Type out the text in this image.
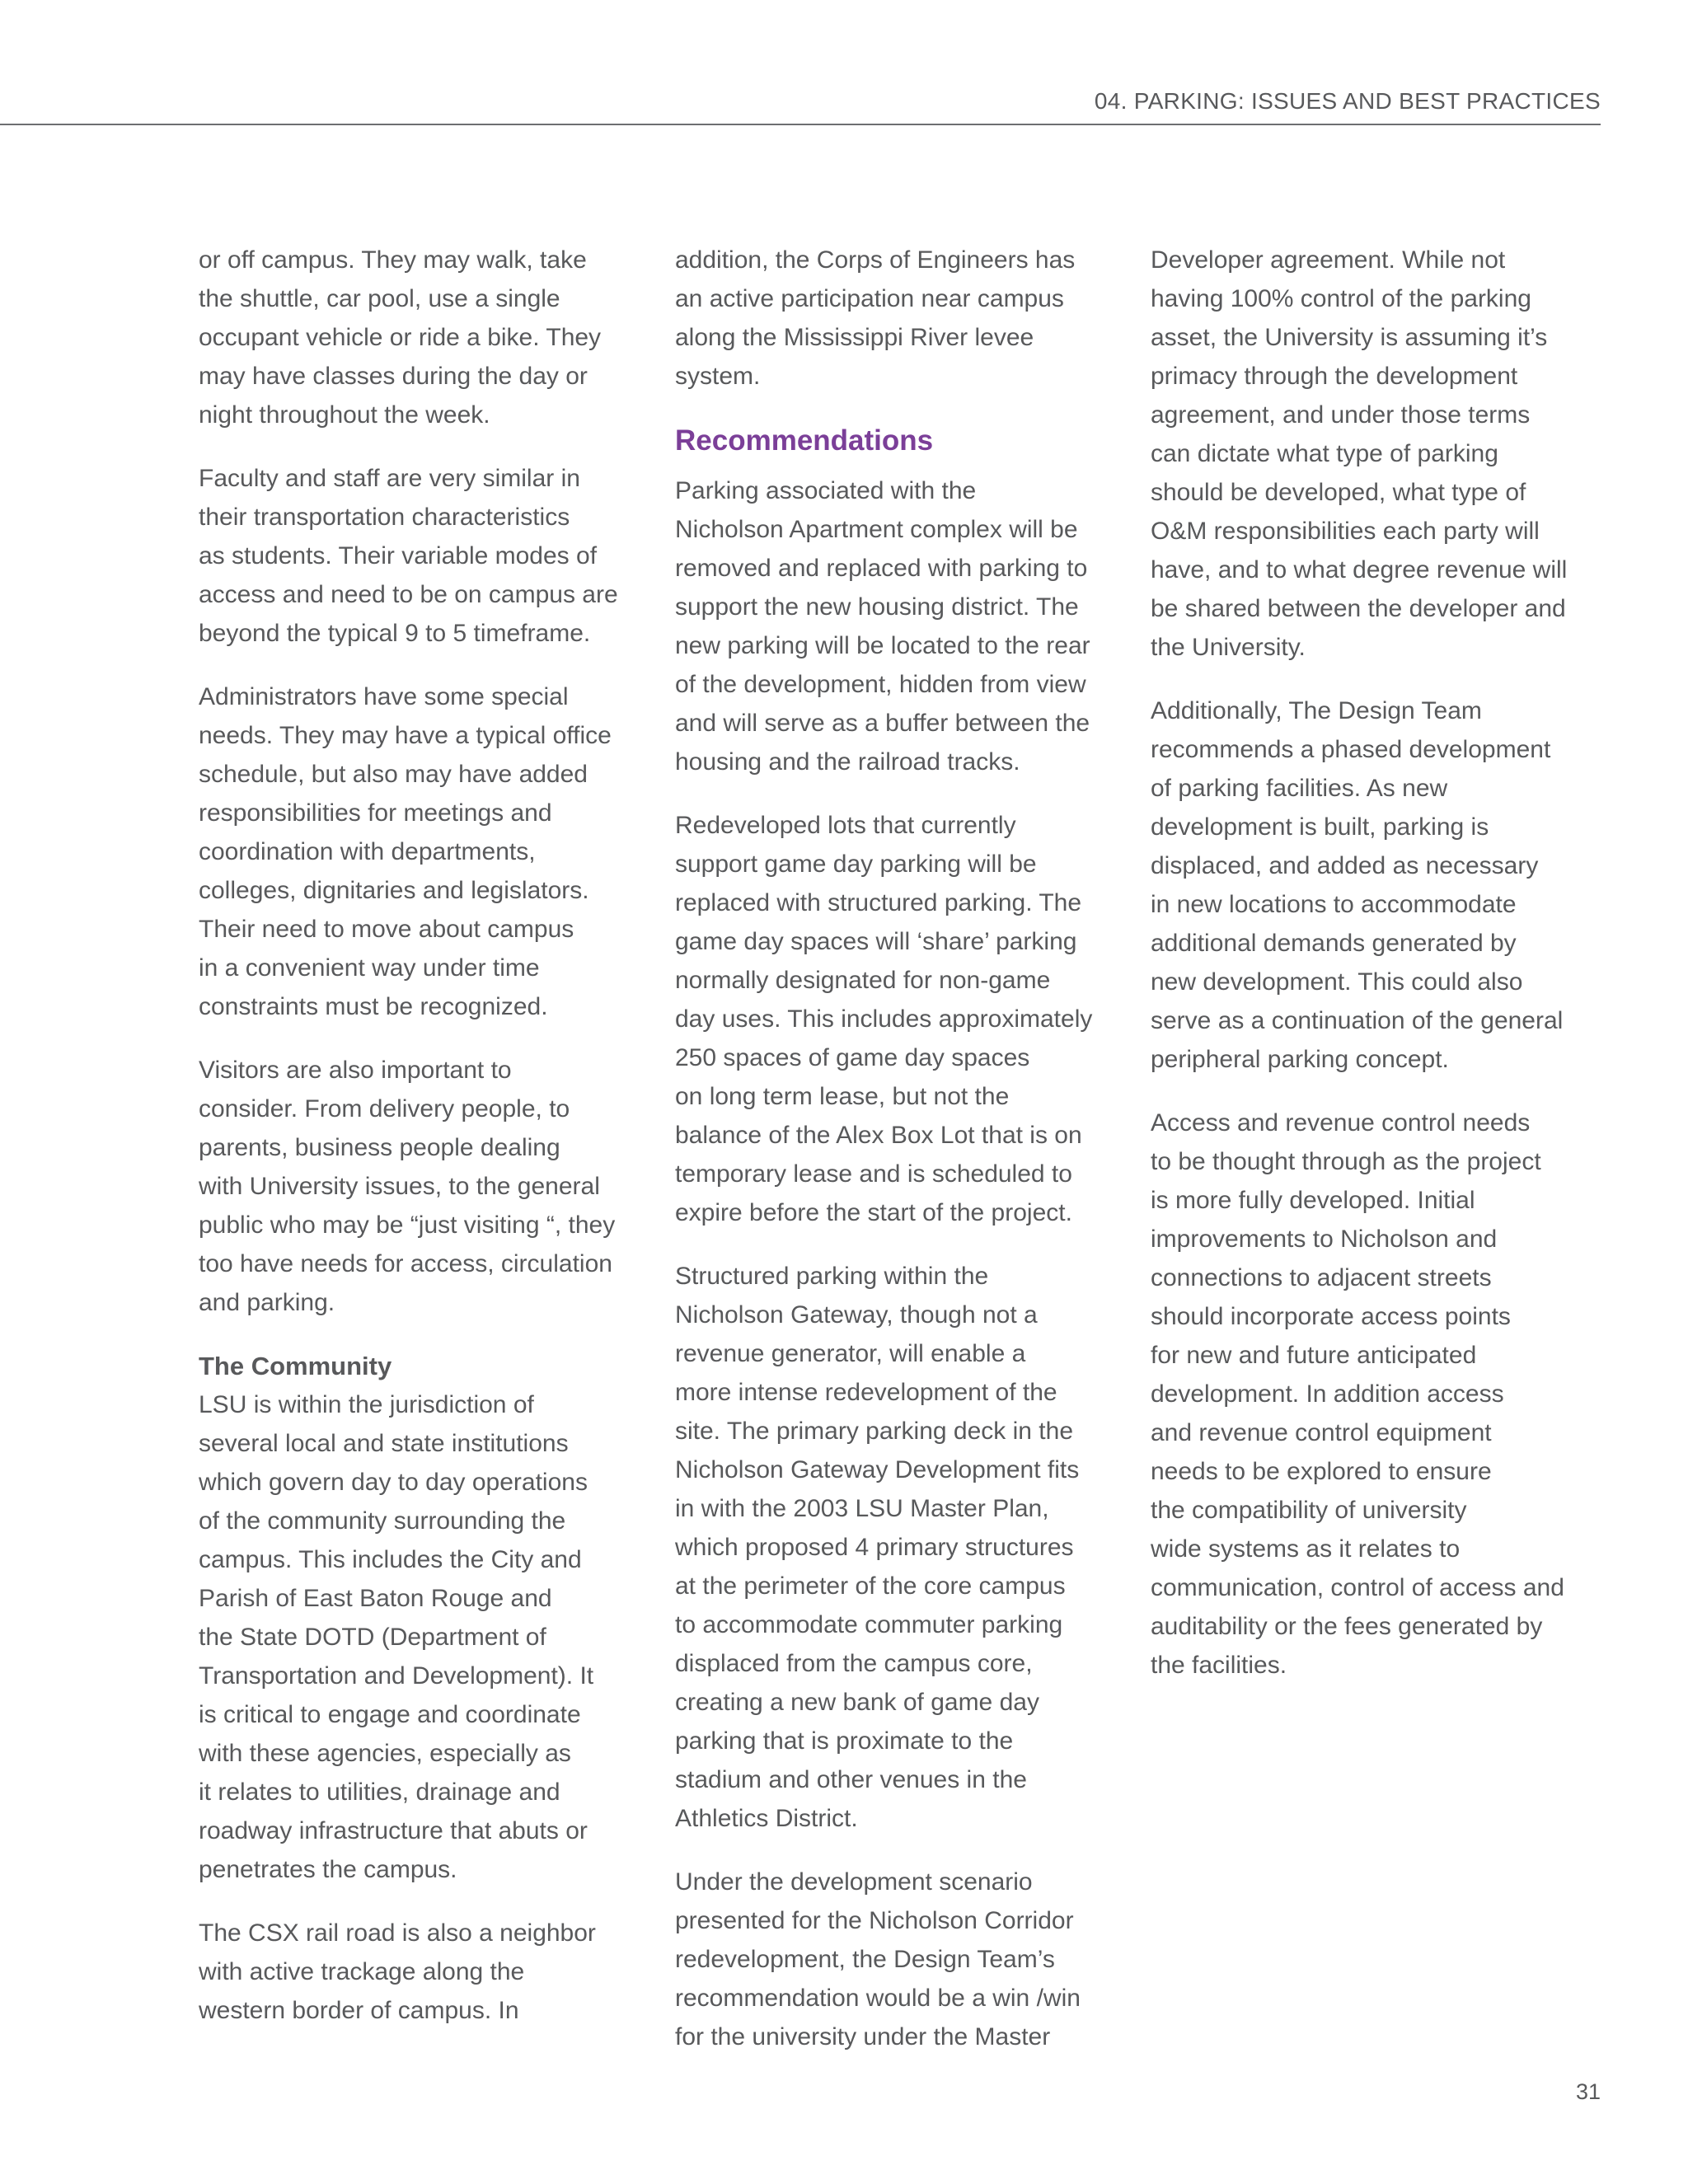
04. PARKING: ISSUES AND BEST PRACTICES

or off campus. They may walk, take
the shuttle, car pool, use a single
occupant vehicle or ride a bike. They
may have classes during the day or
night throughout the week.

Faculty and staff are very similar in
their transportation characteristics
as students. Their variable modes of
access and need to be on campus are
beyond the typical 9 to 5 timeframe.

Administrators have some special
needs. They may have a typical office
schedule, but also may have added
responsibilities for meetings and
coordination with departments,
colleges, dignitaries and legislators.
Their need to move about campus
in a convenient way under time
constraints must be recognized.

Visitors are also important to
consider. From delivery people, to
parents, business people dealing
with University issues, to the general
public who may be “just visiting “, they
too have needs for access, circulation
and parking.

The Community

LSU is within the jurisdiction of
several local and state institutions
which govern day to day operations
of the community surrounding the
campus. This includes the City and
Parish of East Baton Rouge and
the State DOTD (Department of
Transportation and Development). It
is critical to engage and coordinate
with these agencies, especially as
it relates to utilities, drainage and
roadway infrastructure that abuts or
penetrates the campus.

The CSX rail road is also a neighbor
with active trackage along the
western border of campus. In

addition, the Corps of Engineers has
an active participation near campus
along the Mississippi River levee
system.

Recommendations

Parking associated with the
Nicholson Apartment complex will be
removed and replaced with parking to
support the new housing district. The
new parking will be located to the rear
of the development, hidden from view
and will serve as a buffer between the
housing and the railroad tracks.

Redeveloped lots that currently
support game day parking will be
replaced with structured parking. The
game day spaces will ‘share’ parking
normally designated for non-game
day uses. This includes approximately
250 spaces of game day spaces
on long term lease, but not the
balance of the Alex Box Lot that is on
temporary lease and is scheduled to
expire before the start of the project.

Structured parking within the
Nicholson Gateway, though not a
revenue generator, will enable a
more intense redevelopment of the
site. The primary parking deck in the
Nicholson Gateway Development fits
in with the 2003 LSU Master Plan,
which proposed 4 primary structures
at the perimeter of the core campus
to accommodate commuter parking
displaced from the campus core,
creating a new bank of game day
parking that is proximate to the
stadium and other venues in the
Athletics District.

Under the development scenario
presented for the Nicholson Corridor
redevelopment, the Design Team’s
recommendation would be a win /win
for the university under the Master

Developer agreement. While not
having 100% control of the parking
asset, the University is assuming it’s
primacy through the development
agreement, and under those terms
can dictate what type of parking
should be developed, what type of
O&M responsibilities each party will
have, and to what degree revenue will
be shared between the developer and
the University.

Additionally, The Design Team
recommends a phased development
of parking facilities. As new
development is built, parking is
displaced, and added as necessary
in new locations to accommodate
additional demands generated by
new development. This could also
serve as a continuation of the general
peripheral parking concept.

Access and revenue control needs
to be thought through as the project
is more fully developed. Initial
improvements to Nicholson and
connections to adjacent streets
should incorporate access points
for new and future anticipated
development. In addition access
and revenue control equipment
needs to be explored to ensure
the compatibility of university
wide systems as it relates to
communication, control of access and
auditability or the fees generated by
the facilities.

31
